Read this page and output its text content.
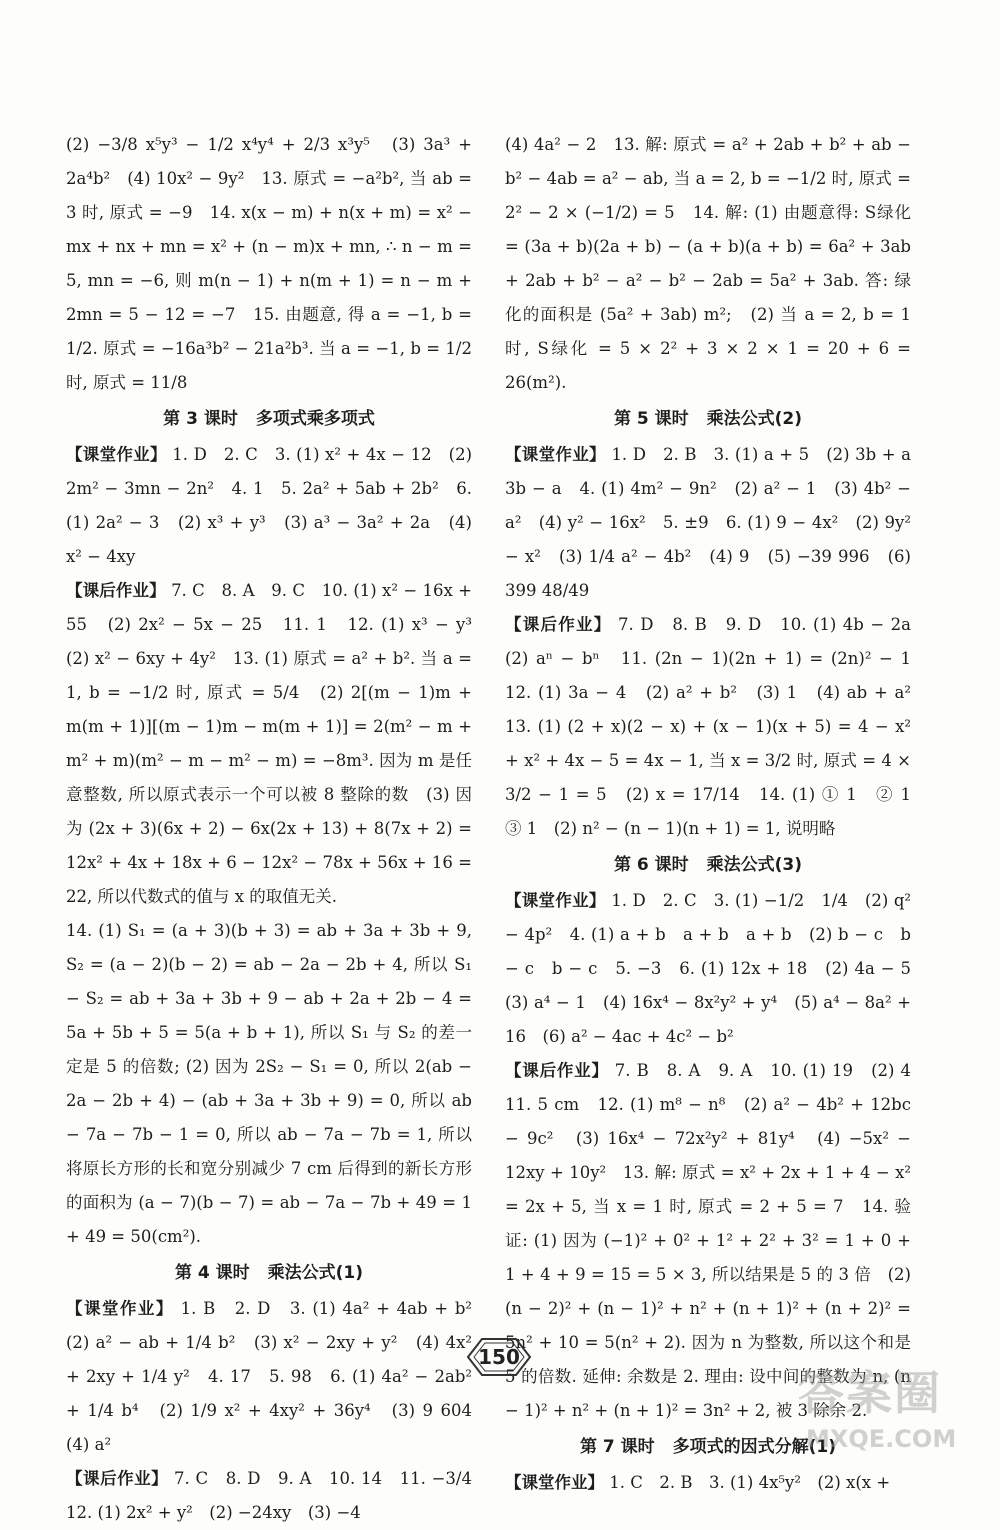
(2) −3/8 x⁵y³ − 1/2 x⁴y⁴ + 2/3 x³y⁵　(3) 3a³ + 2a⁴b²　(4) 10x² − 9y²　13. 原式 = −a²b², 当 ab = 3 时, 原式 = −9　14. x(x − m) + n(x + m) = x² − mx + nx + mn = x² + (n − m)x + mn, ∴ n − m = 5, mn = −6, 则 m(n − 1) + n(m + 1) = n − m + 2mn = 5 − 12 = −7　15. 由题意, 得 a = −1, b = 1/2. 原式 = −16a³b² − 21a²b³. 当 a = −1, b = 1/2 时, 原式 = 11/8

第 3 课时 多项式乘多项式

【课堂作业】 1. D　2. C　3. (1) x² + 4x − 12　(2) 2m² − 3mn − 2n²　4. 1　5. 2a² + 5ab + 2b²　6. (1) 2a² − 3　(2) x³ + y³　(3) a³ − 3a² + 2a　(4) x² − 4xy

【课后作业】 7. C　8. A　9. C　10. (1) x² − 16x + 55　(2) 2x² − 5x − 25　11. 1　12. (1) x³ − y³　(2) x² − 6xy + 4y²　13. (1) 原式 = a² + b². 当 a = 1, b = −1/2 时, 原式 = 5/4　(2) 2[(m − 1)m + m(m + 1)][(m − 1)m − m(m + 1)] = 2(m² − m + m² + m)(m² − m − m² − m) = −8m³. 因为 m 是任意整数, 所以原式表示一个可以被 8 整除的数　(3) 因为 (2x + 3)(6x + 2) − 6x(2x + 13) + 8(7x + 2) = 12x² + 4x + 18x + 6 − 12x² − 78x + 56x + 16 = 22, 所以代数式的值与 x 的取值无关.

14. (1) S₁ = (a + 3)(b + 3) = ab + 3a + 3b + 9, S₂ = (a − 2)(b − 2) = ab − 2a − 2b + 4, 所以 S₁ − S₂ = ab + 3a + 3b + 9 − ab + 2a + 2b − 4 = 5a + 5b + 5 = 5(a + b + 1), 所以 S₁ 与 S₂ 的差一定是 5 的倍数; (2) 因为 2S₂ − S₁ = 0, 所以 2(ab − 2a − 2b + 4) − (ab + 3a + 3b + 9) = 0, 所以 ab − 7a − 7b − 1 = 0, 所以 ab − 7a − 7b = 1, 所以将原长方形的长和宽分别减少 7 cm 后得到的新长方形的面积为 (a − 7)(b − 7) = ab − 7a − 7b + 49 = 1 + 49 = 50(cm²).

第 4 课时 乘法公式(1)

【课堂作业】 1. B　2. D　3. (1) 4a² + 4ab + b²　(2) a² − ab + 1/4 b²　(3) x² − 2xy + y²　(4) 4x² + 2xy + 1/4 y²　4. 17　5. 98　6. (1) 4a² − 2ab² + 1/4 b⁴　(2) 1/9 x² + 4xy² + 36y⁴　(3) 9 604　(4) a²

【课后作业】 7. C　8. D　9. A　10. 14　11. −3/4　12. (1) 2x² + y²　(2) −24xy　(3) −4

(4) 4a² − 2　13. 解: 原式 = a² + 2ab + b² + ab − b² − 4ab = a² − ab, 当 a = 2, b = −1/2 时, 原式 = 2² − 2 × (−1/2) = 5　14. 解: (1) 由题意得: S绿化 = (3a + b)(2a + b) − (a + b)(a + b) = 6a² + 3ab + 2ab + b² − a² − b² − 2ab = 5a² + 3ab. 答: 绿化的面积是 (5a² + 3ab) m²;　(2) 当 a = 2, b = 1 时, S绿化 = 5 × 2² + 3 × 2 × 1 = 20 + 6 = 26(m²).

第 5 课时 乘法公式(2)

【课堂作业】 1. D　2. B　3. (1) a + 5　(2) 3b + a　3b − a　4. (1) 4m² − 9n²　(2) a² − 1　(3) 4b² − a²　(4) y² − 16x²　5. ±9　6. (1) 9 − 4x²　(2) 9y² − x²　(3) 1/4 a² − 4b²　(4) 9　(5) −39 996　(6) 399 48/49

【课后作业】 7. D　8. B　9. D　10. (1) 4b − 2a　(2) aⁿ − bⁿ　11. (2n − 1)(2n + 1) = (2n)² − 1　12. (1) 3a − 4　(2) a² + b²　(3) 1　(4) ab + a²　13. (1) (2 + x)(2 − x) + (x − 1)(x + 5) = 4 − x² + x² + 4x − 5 = 4x − 1, 当 x = 3/2 时, 原式 = 4 × 3/2 − 1 = 5　(2) x = 17/14　14. (1) ① 1　② 1　③ 1　(2) n² − (n − 1)(n + 1) = 1, 说明略

第 6 课时 乘法公式(3)

【课堂作业】 1. D　2. C　3. (1) −1/2　1/4　(2) q² − 4p²　4. (1) a + b　a + b　a + b　(2) b − c　b − c　b − c　5. −3　6. (1) 12x + 18　(2) 4a − 5　(3) a⁴ − 1　(4) 16x⁴ − 8x²y² + y⁴　(5) a⁴ − 8a² + 16　(6) a² − 4ac + 4c² − b²

【课后作业】 7. B　8. A　9. A　10. (1) 19　(2) 4　11. 5 cm　12. (1) m⁸ − n⁸　(2) a² − 4b² + 12bc − 9c²　(3) 16x⁴ − 72x²y² + 81y⁴　(4) −5x² − 12xy + 10y²　13. 解: 原式 = x² + 2x + 1 + 4 − x² = 2x + 5, 当 x = 1 时, 原式 = 2 + 5 = 7　14. 验证: (1) 因为 (−1)² + 0² + 1² + 2² + 3² = 1 + 0 + 1 + 4 + 9 = 15 = 5 × 3, 所以结果是 5 的 3 倍　(2) (n − 2)² + (n − 1)² + n² + (n + 1)² + (n + 2)² = 5n² + 10 = 5(n² + 2). 因为 n 为整数, 所以这个和是 5 的倍数. 延伸: 余数是 2. 理由: 设中间的整数为 n, (n − 1)² + n² + (n + 1)² = 3n² + 2, 被 3 除余 2.

第 7 课时 多项式的因式分解(1)

【课堂作业】 1. C　2. B　3. (1) 4x⁵y²　(2) x(x +

150
答案圈
MXQE.COM
